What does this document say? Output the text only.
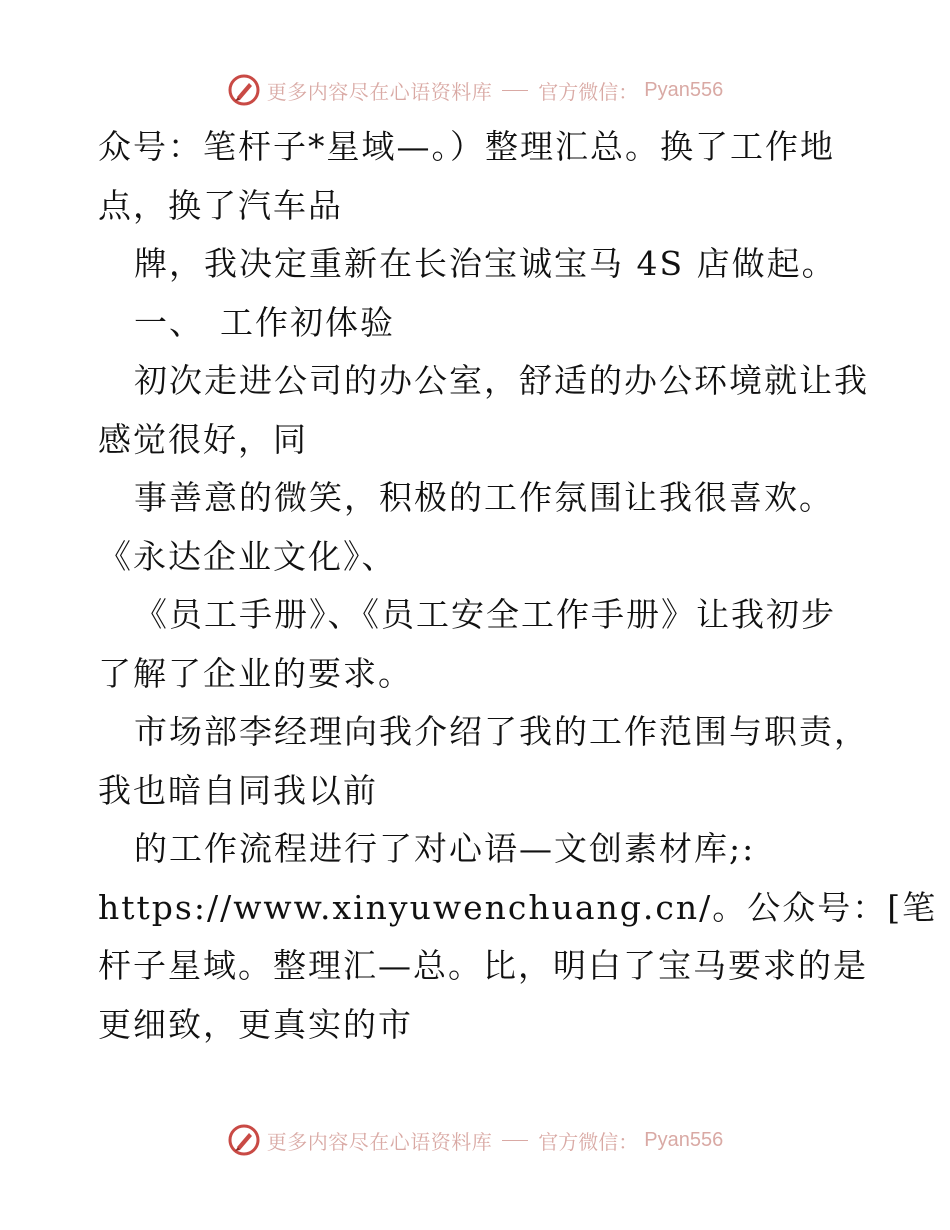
更多内容尽在心语资料库 官方微信： Pyan556
众号：笔杆子*星域—。）整理汇总。换了工作地
点，换了汽车品
牌，我决定重新在长治宝诚宝马 4S 店做起。
一、 工作初体验
初次走进公司的办公室，舒适的办公环境就让我
感觉很好，同
事善意的微笑，积极的工作氛围让我很喜欢。
《永达企业文化》、
《员工手册》、《员工安全工作手册》让我初步
了解了企业的要求。
市场部李经理向我介绍了我的工作范围与职责，
我也暗自同我以前
的工作流程进行了对心语—文创素材库;:
https://www.xinyuwenchuang.cn/。公众号：[笔
杆子星域。整理汇—总。比，明白了宝马要求的是
更细致，更真实的市
更多内容尽在心语资料库 官方微信： Pyan556
